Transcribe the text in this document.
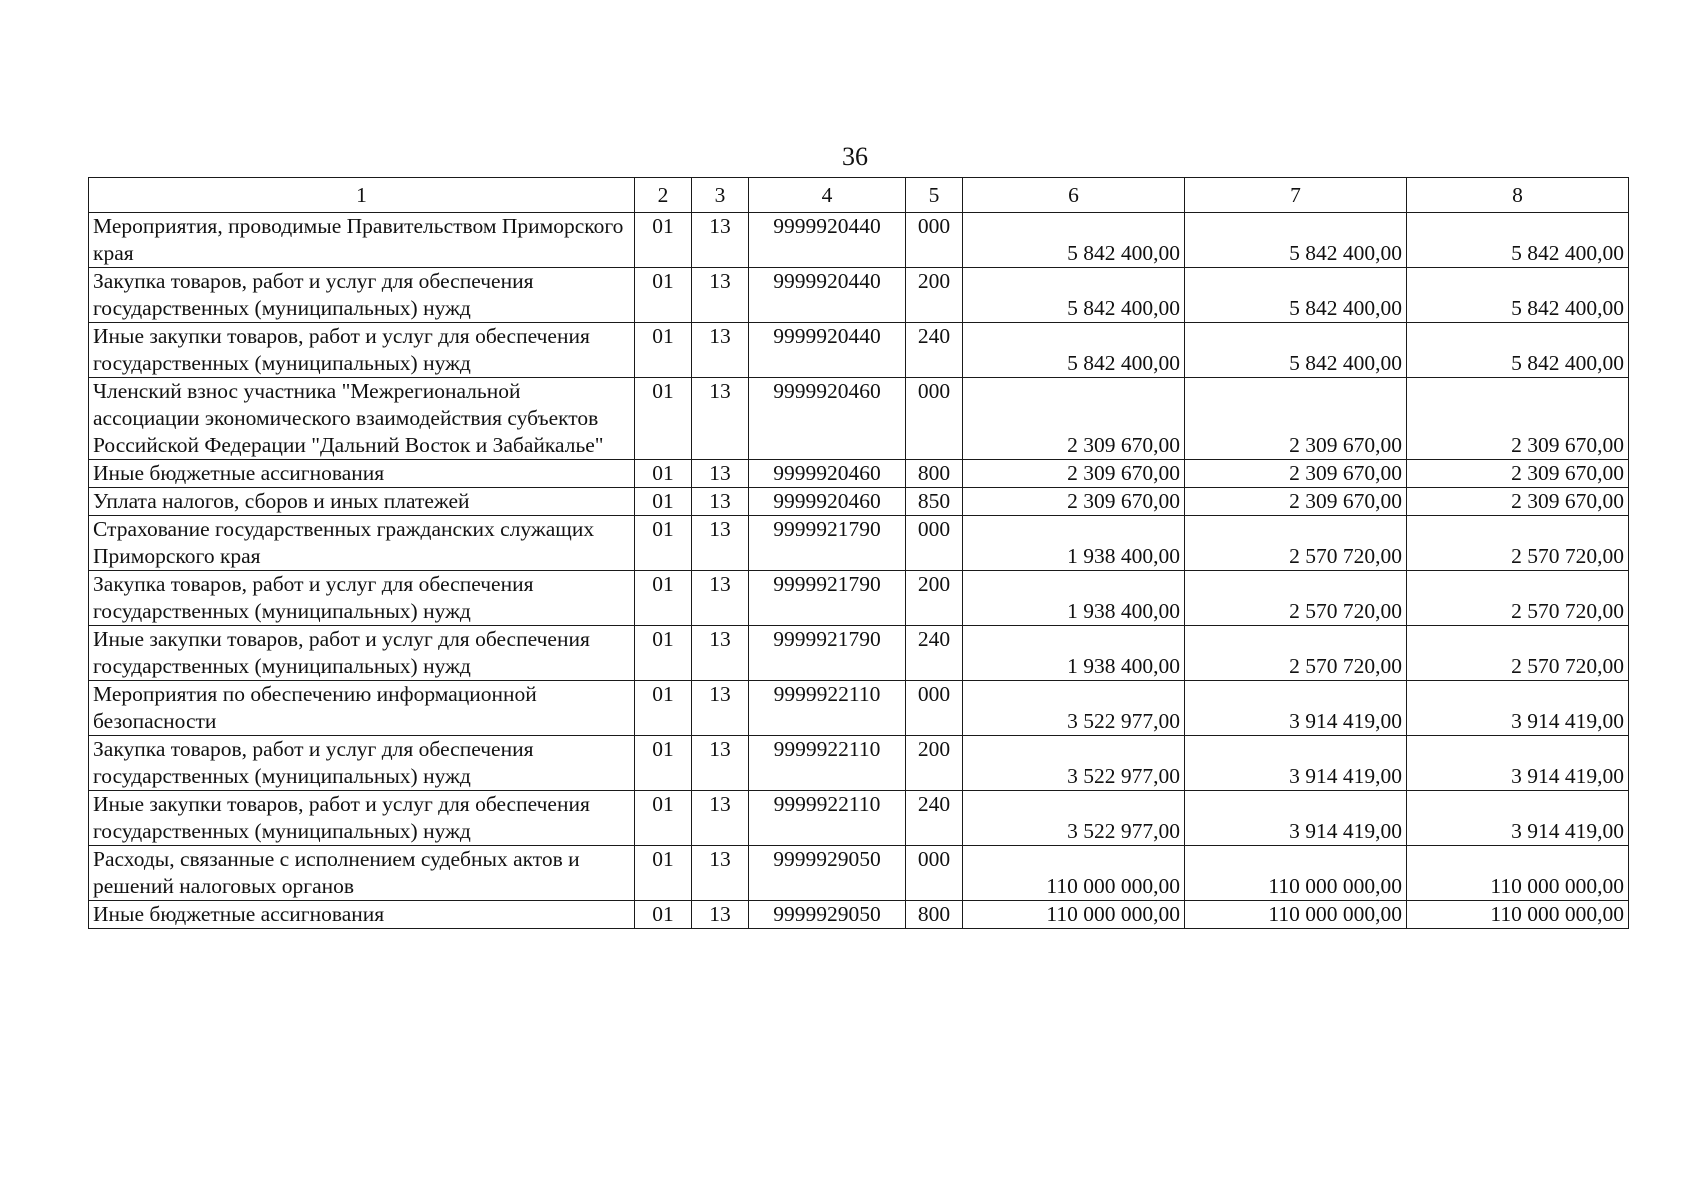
36
1	2	3	4	5	6	7	8
Мероприятия, проводимые Правительством Приморского края	01	13	9999920440	000	5 842 400,00	5 842 400,00	5 842 400,00
Закупка товаров, работ и услуг для обеспечения государственных (муниципальных) нужд	01	13	9999920440	200	5 842 400,00	5 842 400,00	5 842 400,00
Иные закупки товаров, работ и услуг для обеспечения государственных (муниципальных) нужд	01	13	9999920440	240	5 842 400,00	5 842 400,00	5 842 400,00
Членский взнос участника "Межрегиональной ассоциации экономического взаимодействия субъектов Российской Федерации "Дальний Восток и Забайкалье"	01	13	9999920460	000	2 309 670,00	2 309 670,00	2 309 670,00
Иные бюджетные ассигнования	01	13	9999920460	800	2 309 670,00	2 309 670,00	2 309 670,00
Уплата налогов, сборов и иных платежей	01	13	9999920460	850	2 309 670,00	2 309 670,00	2 309 670,00
Страхование государственных гражданских служащих Приморского края	01	13	9999921790	000	1 938 400,00	2 570 720,00	2 570 720,00
Закупка товаров, работ и услуг для обеспечения государственных (муниципальных) нужд	01	13	9999921790	200	1 938 400,00	2 570 720,00	2 570 720,00
Иные закупки товаров, работ и услуг для обеспечения государственных (муниципальных) нужд	01	13	9999921790	240	1 938 400,00	2 570 720,00	2 570 720,00
Мероприятия по обеспечению информационной безопасности	01	13	9999922110	000	3 522 977,00	3 914 419,00	3 914 419,00
Закупка товаров, работ и услуг для обеспечения государственных (муниципальных) нужд	01	13	9999922110	200	3 522 977,00	3 914 419,00	3 914 419,00
Иные закупки товаров, работ и услуг для обеспечения государственных (муниципальных) нужд	01	13	9999922110	240	3 522 977,00	3 914 419,00	3 914 419,00
Расходы, связанные с исполнением судебных актов и решений налоговых органов	01	13	9999929050	000	110 000 000,00	110 000 000,00	110 000 000,00
Иные бюджетные ассигнования	01	13	9999929050	800	110 000 000,00	110 000 000,00	110 000 000,00
